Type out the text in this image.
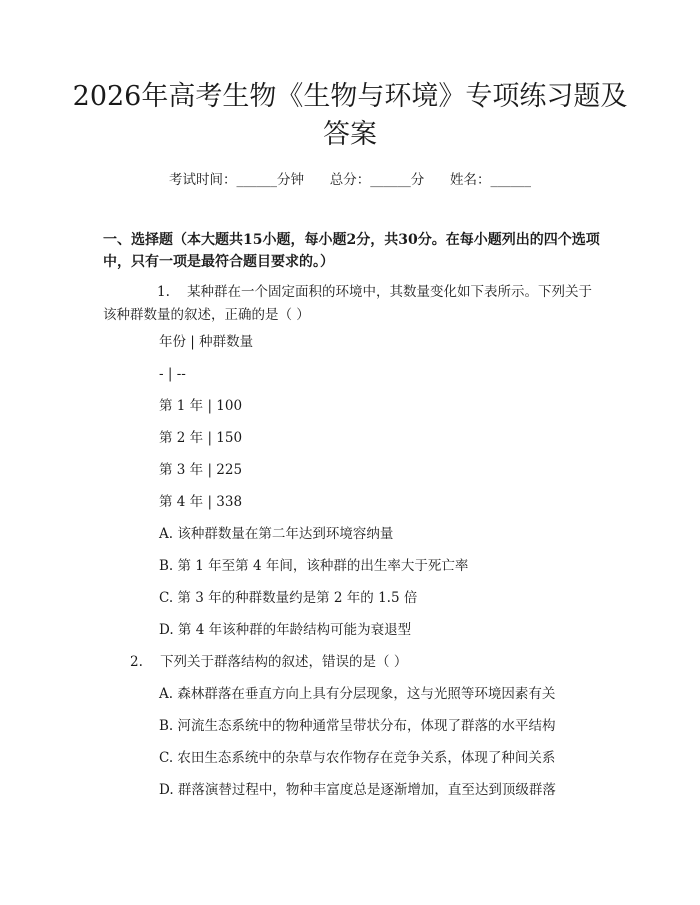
2026年高考生物《生物与环境》专项练习题及答案
考试时间：______分钟 总分：______分 姓名：______
一、选择题（本大题共15小题，每小题2分，共30分。在每小题列出的四个选项中，只有一项是最符合题目要求的。）
1. 某种群在一个固定面积的环境中，其数量变化如下表所示。下列关于该种群数量的叙述，正确的是（ ）
年份 | 种群数量
- | --
第 1 年 | 100
第 2 年 | 150
第 3 年 | 225
第 4 年 | 338
A. 该种群数量在第二年达到环境容纳量
B. 第 1 年至第 4 年间，该种群的出生率大于死亡率
C. 第 3 年的种群数量约是第 2 年的 1.5 倍
D. 第 4 年该种群的年龄结构可能为衰退型
2. 下列关于群落结构的叙述，错误的是（ ）
A. 森林群落在垂直方向上具有分层现象，这与光照等环境因素有关
B. 河流生态系统中的物种通常呈带状分布，体现了群落的水平结构
C. 农田生态系统中的杂草与农作物存在竞争关系，体现了种间关系
D. 群落演替过程中，物种丰富度总是逐渐增加，直至达到顶级群落
